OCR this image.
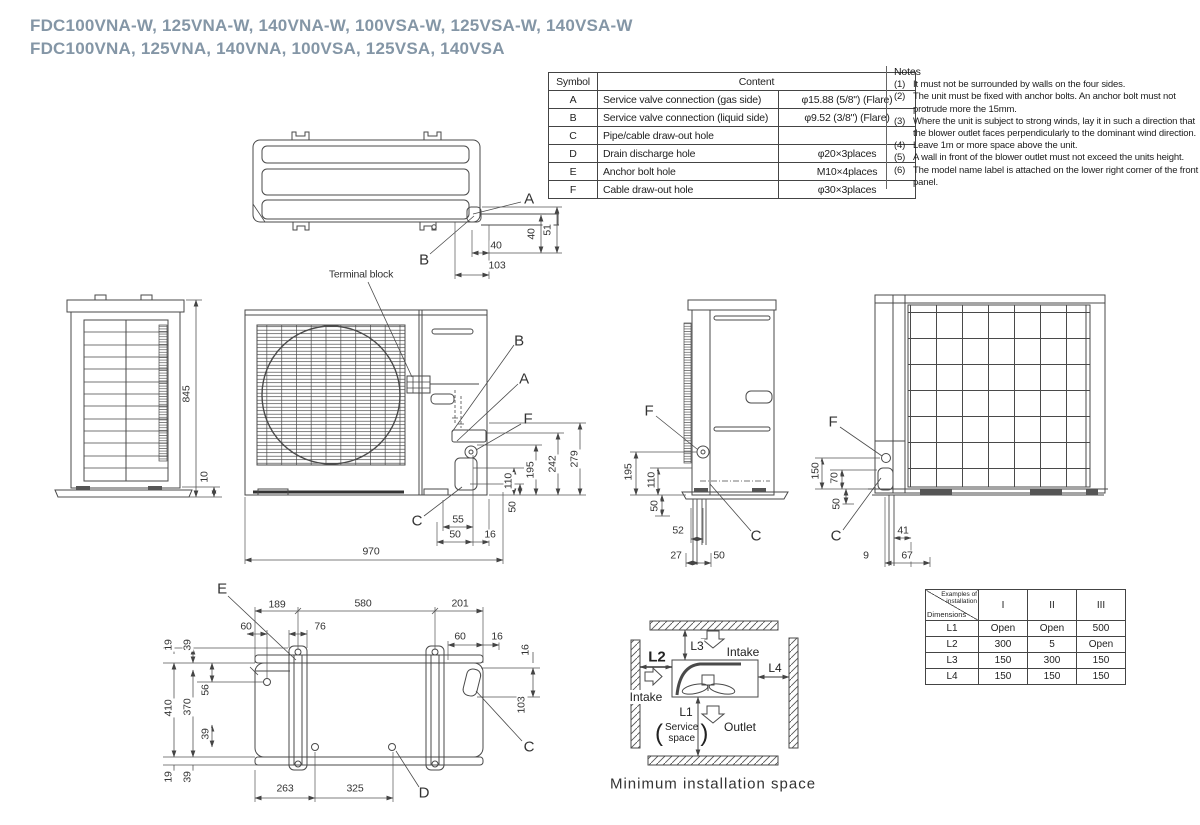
FDC100VNA-W, 125VNA-W, 140VNA-W, 100VSA-W, 125VSA-W, 140VSA-W
FDC100VNA, 125VNA, 140VNA, 100VSA, 125VSA, 140VSA
A
B
40
103
40 51
Terminal block
845
10
B
A
F
C
110
195 242 279
50
55
50 16
970
F
C
195 110
50
52
27	50
F
C
150 70
50
41
9	67
E
D
C
189	580	201
60	76
60 16
19 39
410 370
56
39
19 39
16
103
263	325
L2
L3
L4
L1
Intake
Intake
Outlet
( Service
space )
Minimum installation space
Symbol	Content	
A	Service valve connection (gas side)	φ15.88 (5/8") (Flare)
B	Service valve connection (liquid side)	φ9.52 (3/8") (Flare)
C	Pipe/cable draw-out hole	
D	Drain discharge hole	φ20×3places
E	Anchor bolt hole	M10×4places
F	Cable draw-out hole	φ30×3places
Notes
(1) It must not be surrounded by walls on the four sides.
(2) The unit must be fixed with anchor bolts. An anchor bolt must not protrude more the 15mm.
(3) Where the unit is subject to strong winds, lay it in such a direction that the blower outlet faces perpendicularly to the dominant wind direction.
(4) Leave 1m or more space above the unit.
(5) A wall in front of the blower outlet must not exceed the units height.
(6) The model name label is attached on the lower right corner of the front panel.
Examples of installation
Dimensions	I	II	III
L1	Open	Open	500
L2	300	5	Open
L3	150	300	150
L4	150	150	150
